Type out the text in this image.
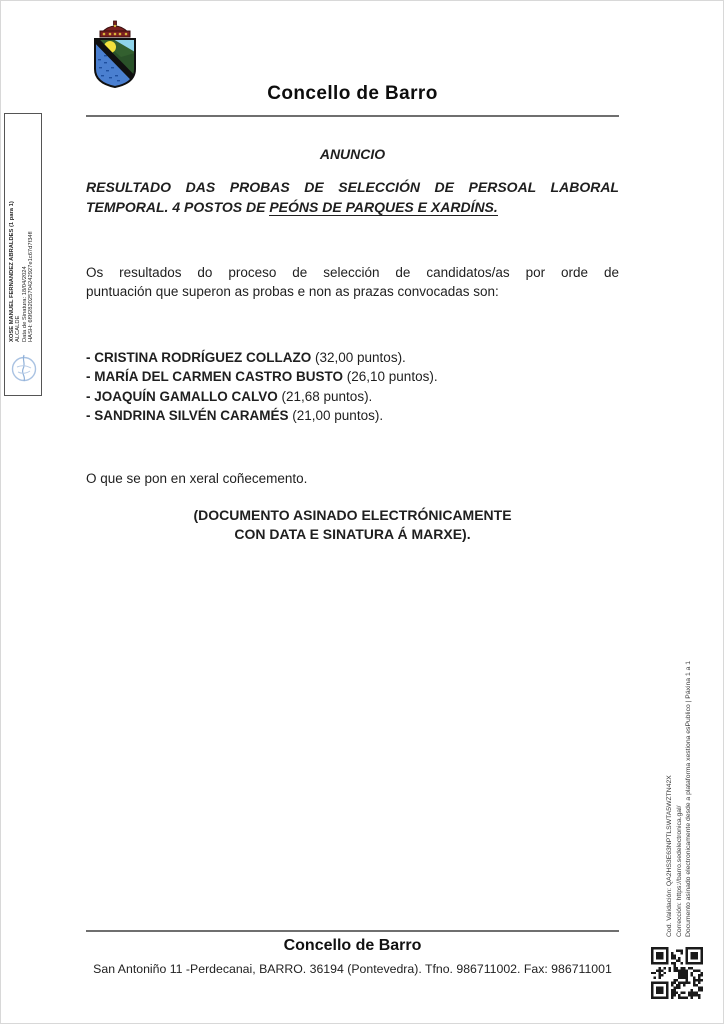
XOSE MANUEL FERNANDEZ ABRALDES (1 para 1) ALCALDE Data de Sinatura: 18/04/2024 HASH: 6f9f282025704242927e1c67d7f34fl
Concello de Barro
ANUNCIO
RESULTADO DAS PROBAS DE SELECCIÓN DE PERSOAL LABORAL
TEMPORAL. 4 POSTOS DE PEÓNS DE PARQUES E XARDÍNS.
Os resultados do proceso de selección de candidatos/as por orde de
puntuación que superon as probas e non as prazas convocadas son:
- CRISTINA RODRÍGUEZ COLLAZO (32,00 puntos).
- MARÍA DEL CARMEN CASTRO BUSTO (26,10 puntos).
- JOAQUÍN GAMALLO CALVO (21,68 puntos).
- SANDRINA SILVÉN CARAMÉS (21,00 puntos).
O que se pon en xeral coñecemento.
(DOCUMENTO ASINADO ELECTRÓNICAMENTE
CON DATA E SINATURA Á MARXE).
Cod. Validación: QA2HS3E63NPTLSWTA5WZTN42X Corrección: https://barro.sedelectronica.gal/ Documento asinado electronicamente desde a plataforma xestiona esPublico | Páxina 1 a 1
Concello de Barro
San Antoniño 11 -Perdecanai, BARRO. 36194 (Pontevedra). Tfno. 986711002. Fax: 986711001
